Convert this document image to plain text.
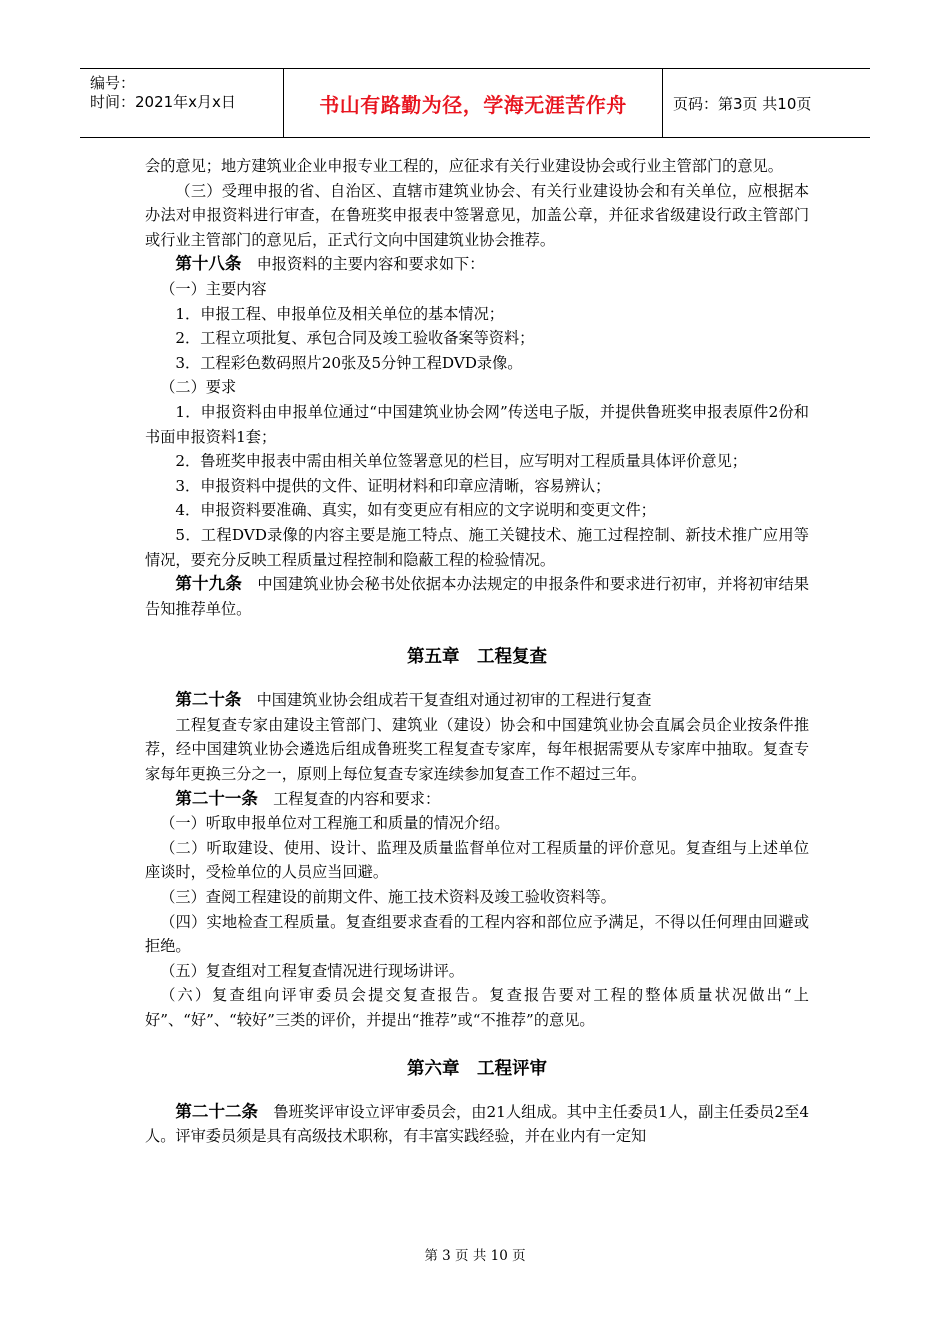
编号：
时间：2021年x月x日	书山有路勤为径，学海无涯苦作舟	页码：第3页 共10页

会的意见；地方建筑业企业申报专业工程的，应征求有关行业建设协会或行业主管部门的意见。

（三）受理申报的省、自治区、直辖市建筑业协会、有关行业建设协会和有关单位，应根据本办法对申报资料进行审查，在鲁班奖申报表中签署意见，加盖公章，并征求省级建设行政主管部门或行业主管部门的意见后，正式行文向中国建筑业协会推荐。

第十八条　 申报资料的主要内容和要求如下：

（一）主要内容

1．申报工程、申报单位及相关单位的基本情况；

2．工程立项批复、承包合同及竣工验收备案等资料；

3．工程彩色数码照片20张及5分钟工程DVD录像。

（二）要求

1．申报资料由申报单位通过“中国建筑业协会网”传送电子版，并提供鲁班奖申报表原件2份和书面申报资料1套；

2．鲁班奖申报表中需由相关单位签署意见的栏目，应写明对工程质量具体评价意见；

3．申报资料中提供的文件、证明材料和印章应清晰，容易辨认；

4．申报资料要准确、真实，如有变更应有相应的文字说明和变更文件；

5．工程DVD录像的内容主要是施工特点、施工关键技术、施工过程控制、新技术推广应用等情况，要充分反映工程质量过程控制和隐蔽工程的检验情况。

第十九条　 中国建筑业协会秘书处依据本办法规定的申报条件和要求进行初审，并将初审结果告知推荐单位。

第五章　工程复查

第二十条　 中国建筑业协会组成若干复查组对通过初审的工程进行复查

工程复查专家由建设主管部门、建筑业（建设）协会和中国建筑业协会直属会员企业按条件推荐，经中国建筑业协会遴选后组成鲁班奖工程复查专家库，每年根据需要从专家库中抽取。复查专家每年更换三分之一，原则上每位复查专家连续参加复查工作不超过三年。

第二十一条　 工程复查的内容和要求：

（一）听取申报单位对工程施工和质量的情况介绍。

（二）听取建设、使用、设计、监理及质量监督单位对工程质量的评价意见。复查组与上述单位座谈时，受检单位的人员应当回避。

（三）查阅工程建设的前期文件、施工技术资料及竣工验收资料等。

（四）实地检查工程质量。复查组要求查看的工程内容和部位应予满足，不得以任何理由回避或拒绝。

（五）复查组对工程复查情况进行现场讲评。

（六）复查组向评审委员会提交复查报告。复查报告要对工程的整体质量状况做出“上好”、“好”、“较好”三类的评价，并提出“推荐”或“不推荐”的意见。

第六章　工程评审

第二十二条　 鲁班奖评审设立评审委员会，由21人组成。其中主任委员1人，副主任委员2至4人。评审委员须是具有高级技术职称，有丰富实践经验，并在业内有一定知

第 3 页 共 10 页
